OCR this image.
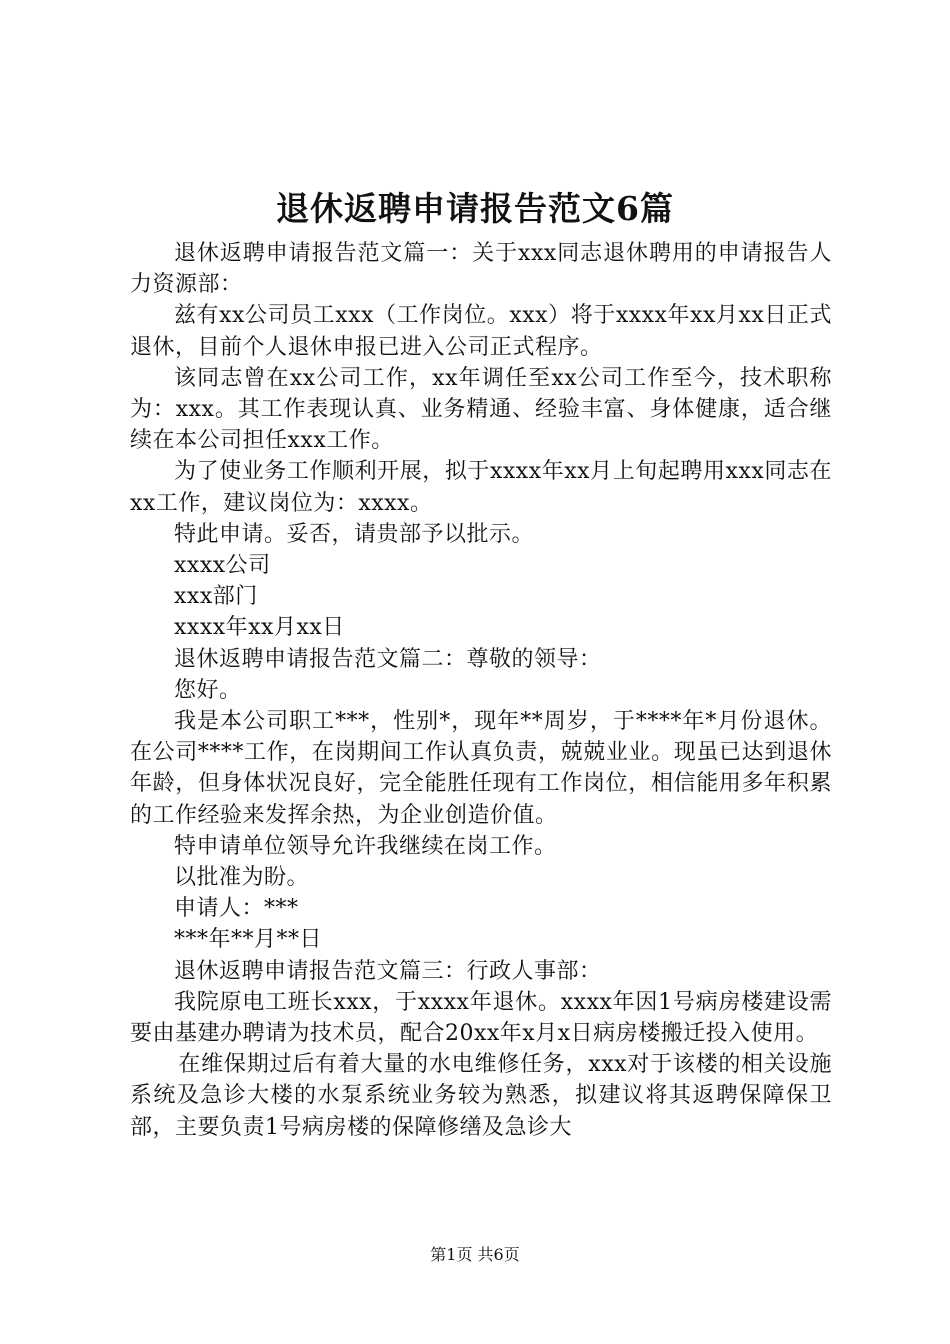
退休返聘申请报告范文6篇

退休返聘申请报告范文篇一：关于xxx同志退休聘用的申请报告人力资源部：

兹有xx公司员工xxx（工作岗位。xxx）将于xxxx年xx月xx日正式退休，目前个人退休申报已进入公司正式程序。

该同志曾在xx公司工作，xx年调任至xx公司工作至今，技术职称为：xxx。其工作表现认真、业务精通、经验丰富、身体健康，适合继续在本公司担任xxx工作。

为了使业务工作顺利开展，拟于xxxx年xx月上旬起聘用xxx同志在xx工作，建议岗位为：xxxx。

特此申请。妥否，请贵部予以批示。

xxxx公司

xxx部门

xxxx年xx月xx日

退休返聘申请报告范文篇二：尊敬的领导：

您好。

我是本公司职工***，性别*，现年**周岁，于****年*月份退休。在公司****工作，在岗期间工作认真负责，兢兢业业。现虽已达到退休年龄，但身体状况良好，完全能胜任现有工作岗位，相信能用多年积累的工作经验来发挥余热，为企业创造价值。

特申请单位领导允许我继续在岗工作。

以批准为盼。

申请人：***

***年**月**日

退休返聘申请报告范文篇三：行政人事部：

我院原电工班长xxx，于xxxx年退休。xxxx年因1号病房楼建设需要由基建办聘请为技术员，配合20xx年x月x日病房楼搬迁投入使用。

在维保期过后有着大量的水电维修任务，xxx对于该楼的相关设施系统及急诊大楼的水泵系统业务较为熟悉，拟建议将其返聘保障保卫部，主要负责1号病房楼的保障修缮及急诊大

第1页 共6页
